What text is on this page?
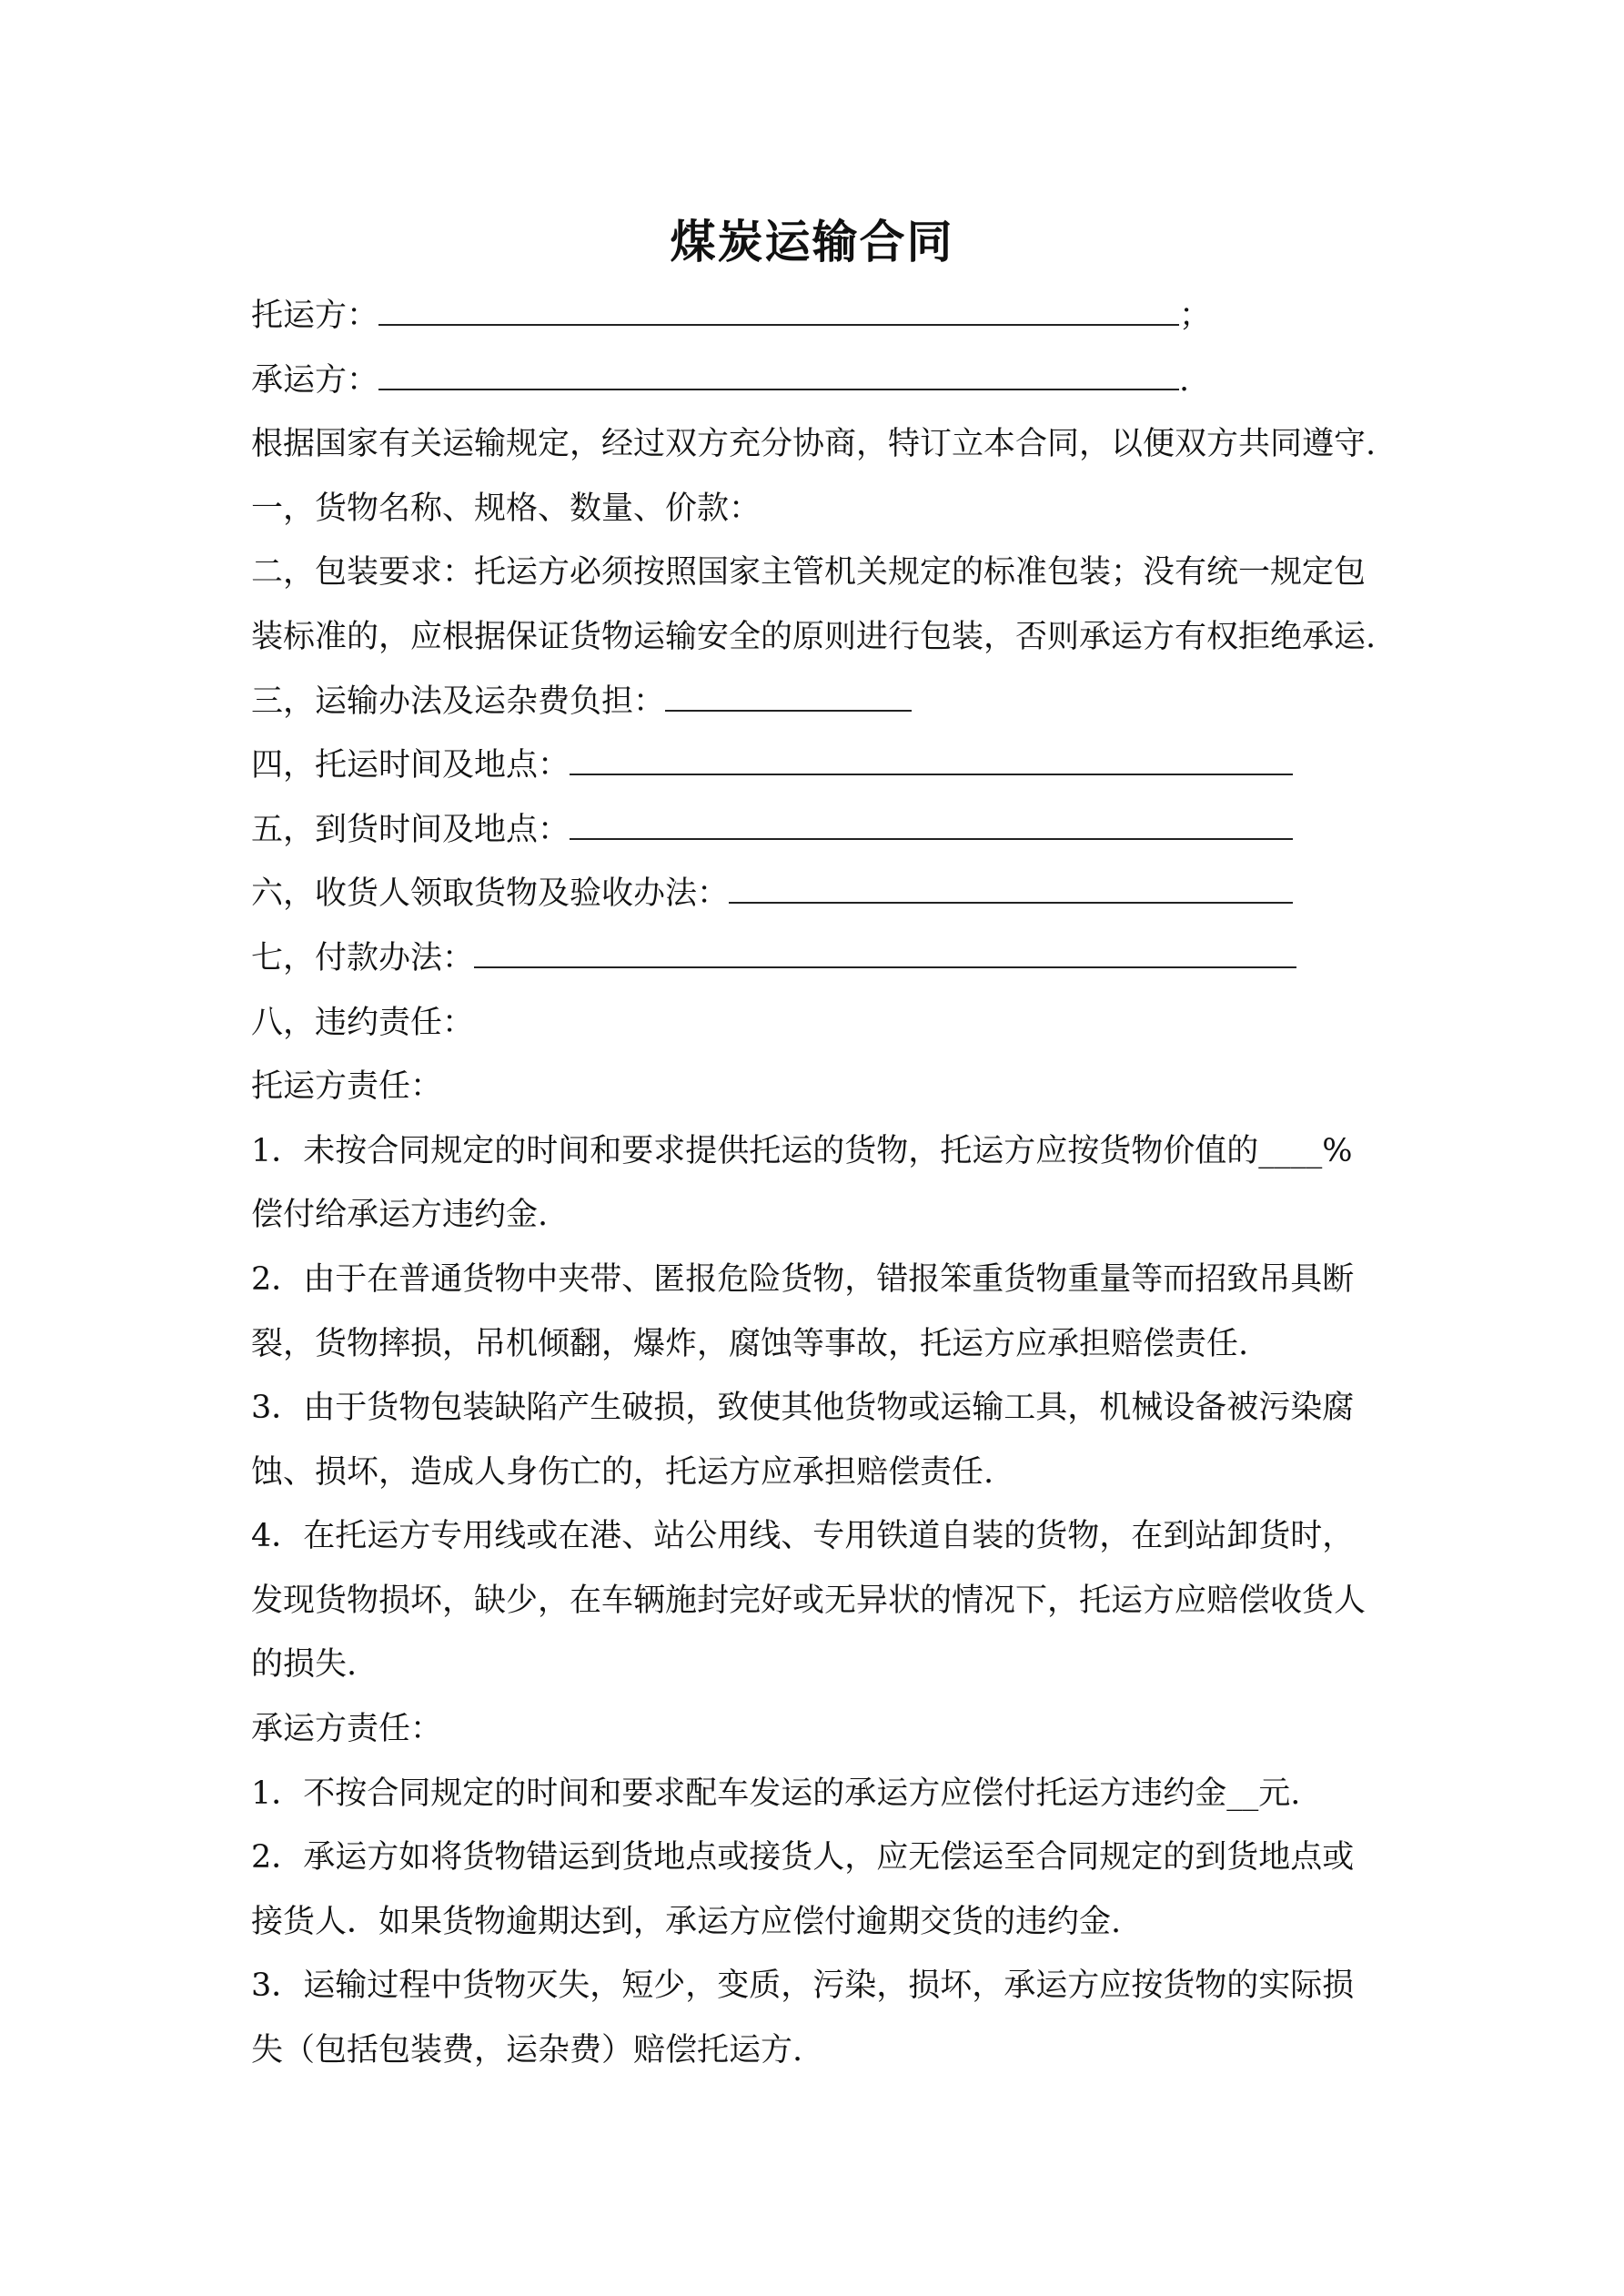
煤炭运输合同
托运方：	；
承运方：	.
根据国家有关运输规定，经过双方充分协商，特订立本合同，以便双方共同遵守.
一，货物名称、规格、数量、价款：
二，包装要求：托运方必须按照国家主管机关规定的标准包装；没有统一规定包
装标准的，应根据保证货物运输安全的原则进行包装，否则承运方有权拒绝承运.
三，运输办法及运杂费负担：
四，托运时间及地点：
五，到货时间及地点：
六，收货人领取货物及验收办法：
七，付款办法：
八，违约责任：
托运方责任：
1．未按合同规定的时间和要求提供托运的货物，托运方应按货物价值的____%
偿付给承运方违约金.
2．由于在普通货物中夹带、匿报危险货物，错报笨重货物重量等而招致吊具断
裂，货物摔损，吊机倾翻，爆炸，腐蚀等事故，托运方应承担赔偿责任.
3．由于货物包装缺陷产生破损，致使其他货物或运输工具，机械设备被污染腐
蚀、损坏，造成人身伤亡的，托运方应承担赔偿责任.
4．在托运方专用线或在港、站公用线、专用铁道自装的货物，在到站卸货时，
发现货物损坏，缺少，在车辆施封完好或无异状的情况下，托运方应赔偿收货人
的损失.
承运方责任：
1．不按合同规定的时间和要求配车发运的承运方应偿付托运方违约金__元.
2．承运方如将货物错运到货地点或接货人，应无偿运至合同规定的到货地点或
接货人．如果货物逾期达到，承运方应偿付逾期交货的违约金.
3．运输过程中货物灭失，短少，变质，污染，损坏，承运方应按货物的实际损
失（包括包装费，运杂费）赔偿托运方.
